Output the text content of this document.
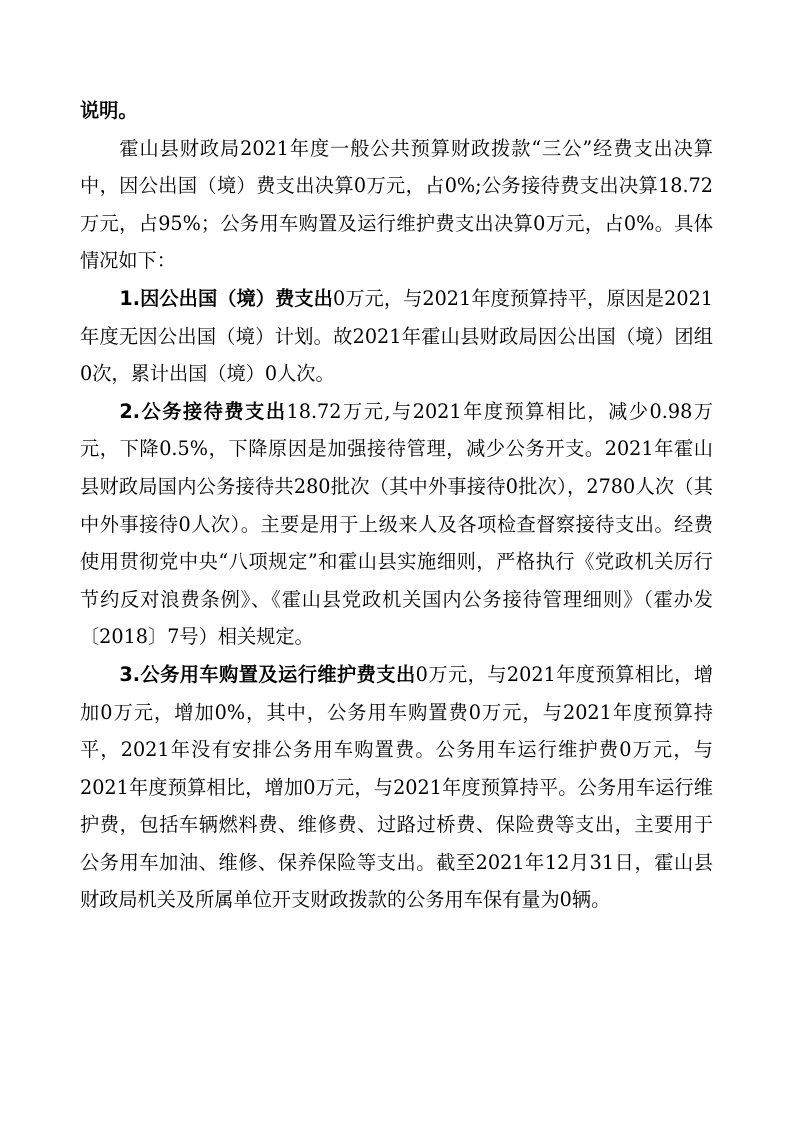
说明。

霍山县财政局2021年度一般公共预算财政拨款“三公”经费支出决算中，因公出国（境）费支出决算0万元，占0%;公务接待费支出决算18.72万元，占95%；公务用车购置及运行维护费支出决算0万元，占0%。具体情况如下：

1.因公出国（境）费支出0万元，与2021年度预算持平，原因是2021年度无因公出国（境）计划。故2021年霍山县财政局因公出国（境）团组0次，累计出国（境）0人次。

2.公务接待费支出18.72万元,与2021年度预算相比，减少0.98万元，下降0.5%，下降原因是加强接待管理，减少公务开支。2021年霍山县财政局国内公务接待共280批次（其中外事接待0批次），2780人次（其中外事接待0人次）。主要是用于上级来人及各项检查督察接待支出。经费使用贯彻党中央“八项规定”和霍山县实施细则，严格执行《党政机关厉行节约反对浪费条例》、《霍山县党政机关国内公务接待管理细则》（霍办发〔2018〕7号）相关规定。

3.公务用车购置及运行维护费支出0万元，与2021年度预算相比，增加0万元，增加0%，其中，公务用车购置费0万元，与2021年度预算持平，2021年没有安排公务用车购置费。公务用车运行维护费0万元，与2021年度预算相比，增加0万元，与2021年度预算持平。公务用车运行维护费，包括车辆燃料费、维修费、过路过桥费、保险费等支出，主要用于公务用车加油、维修、保养保险等支出。截至2021年12月31日，霍山县财政局机关及所属单位开支财政拨款的公务用车保有量为0辆。
